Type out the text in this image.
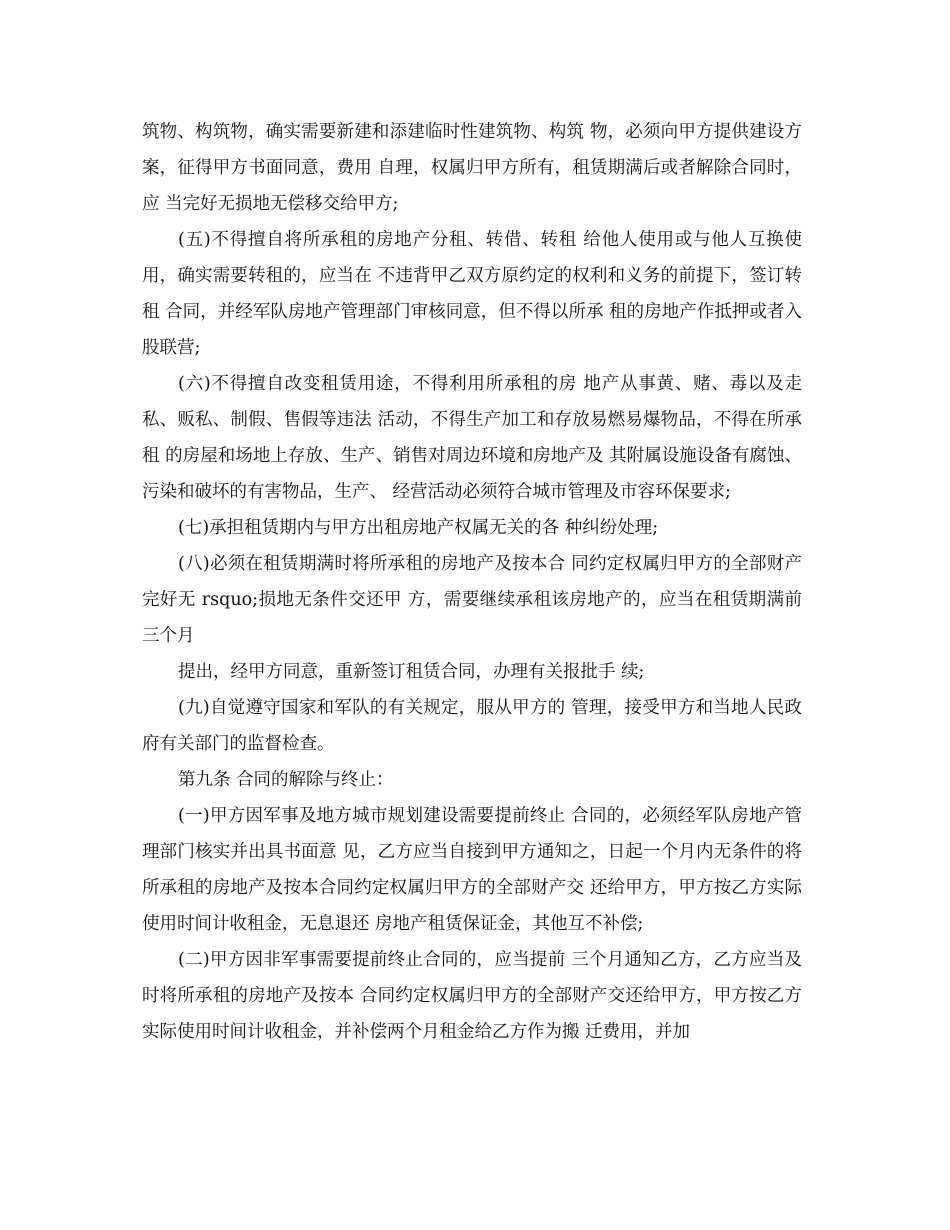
筑物、构筑物，确实需要新建和添建临时性建筑物、构筑 物，必须向甲方提供建设方案，征得甲方书面同意，费用 自理，权属归甲方所有，租赁期满后或者解除合同时，应 当完好无损地无偿移交给甲方;

(五)不得擅自将所承租的房地产分租、转借、转租 给他人使用或与他人互换使用，确实需要转租的，应当在 不违背甲乙双方原约定的权利和义务的前提下，签订转租 合同，并经军队房地产管理部门审核同意，但不得以所承 租的房地产作抵押或者入股联营;

(六)不得擅自改变租赁用途，不得利用所承租的房 地产从事黄、赌、毒以及走私、贩私、制假、售假等违法 活动，不得生产加工和存放易燃易爆物品，不得在所承租 的房屋和场地上存放、生产、销售对周边环境和房地产及 其附属设施设备有腐蚀、污染和破坏的有害物品，生产、 经营活动必须符合城市管理及市容环保要求;

(七)承担租赁期内与甲方出租房地产权属无关的各 种纠纷处理;

(八)必须在租赁期满时将所承租的房地产及按本合 同约定权属归甲方的全部财产完好无 rsquo;损地无条件交还甲 方，需要继续承租该房地产的，应当在租赁期满前三个月

提出，经甲方同意，重新签订租赁合同，办理有关报批手 续;

(九)自觉遵守国家和军队的有关规定，服从甲方的 管理，接受甲方和当地人民政府有关部门的监督检查。

第九条 合同的解除与终止：

(一)甲方因军事及地方城市规划建设需要提前终止 合同的，必须经军队房地产管理部门核实并出具书面意 见，乙方应当自接到甲方通知之，日起一个月内无条件的将 所承租的房地产及按本合同约定权属归甲方的全部财产交 还给甲方，甲方按乙方实际使用时间计收租金，无息退还 房地产租赁保证金，其他互不补偿;

(二)甲方因非军事需要提前终止合同的，应当提前 三个月通知乙方，乙方应当及时将所承租的房地产及按本 合同约定权属归甲方的全部财产交还给甲方，甲方按乙方 实际使用时间计收租金，并补偿两个月租金给乙方作为搬 迁费用，并加
